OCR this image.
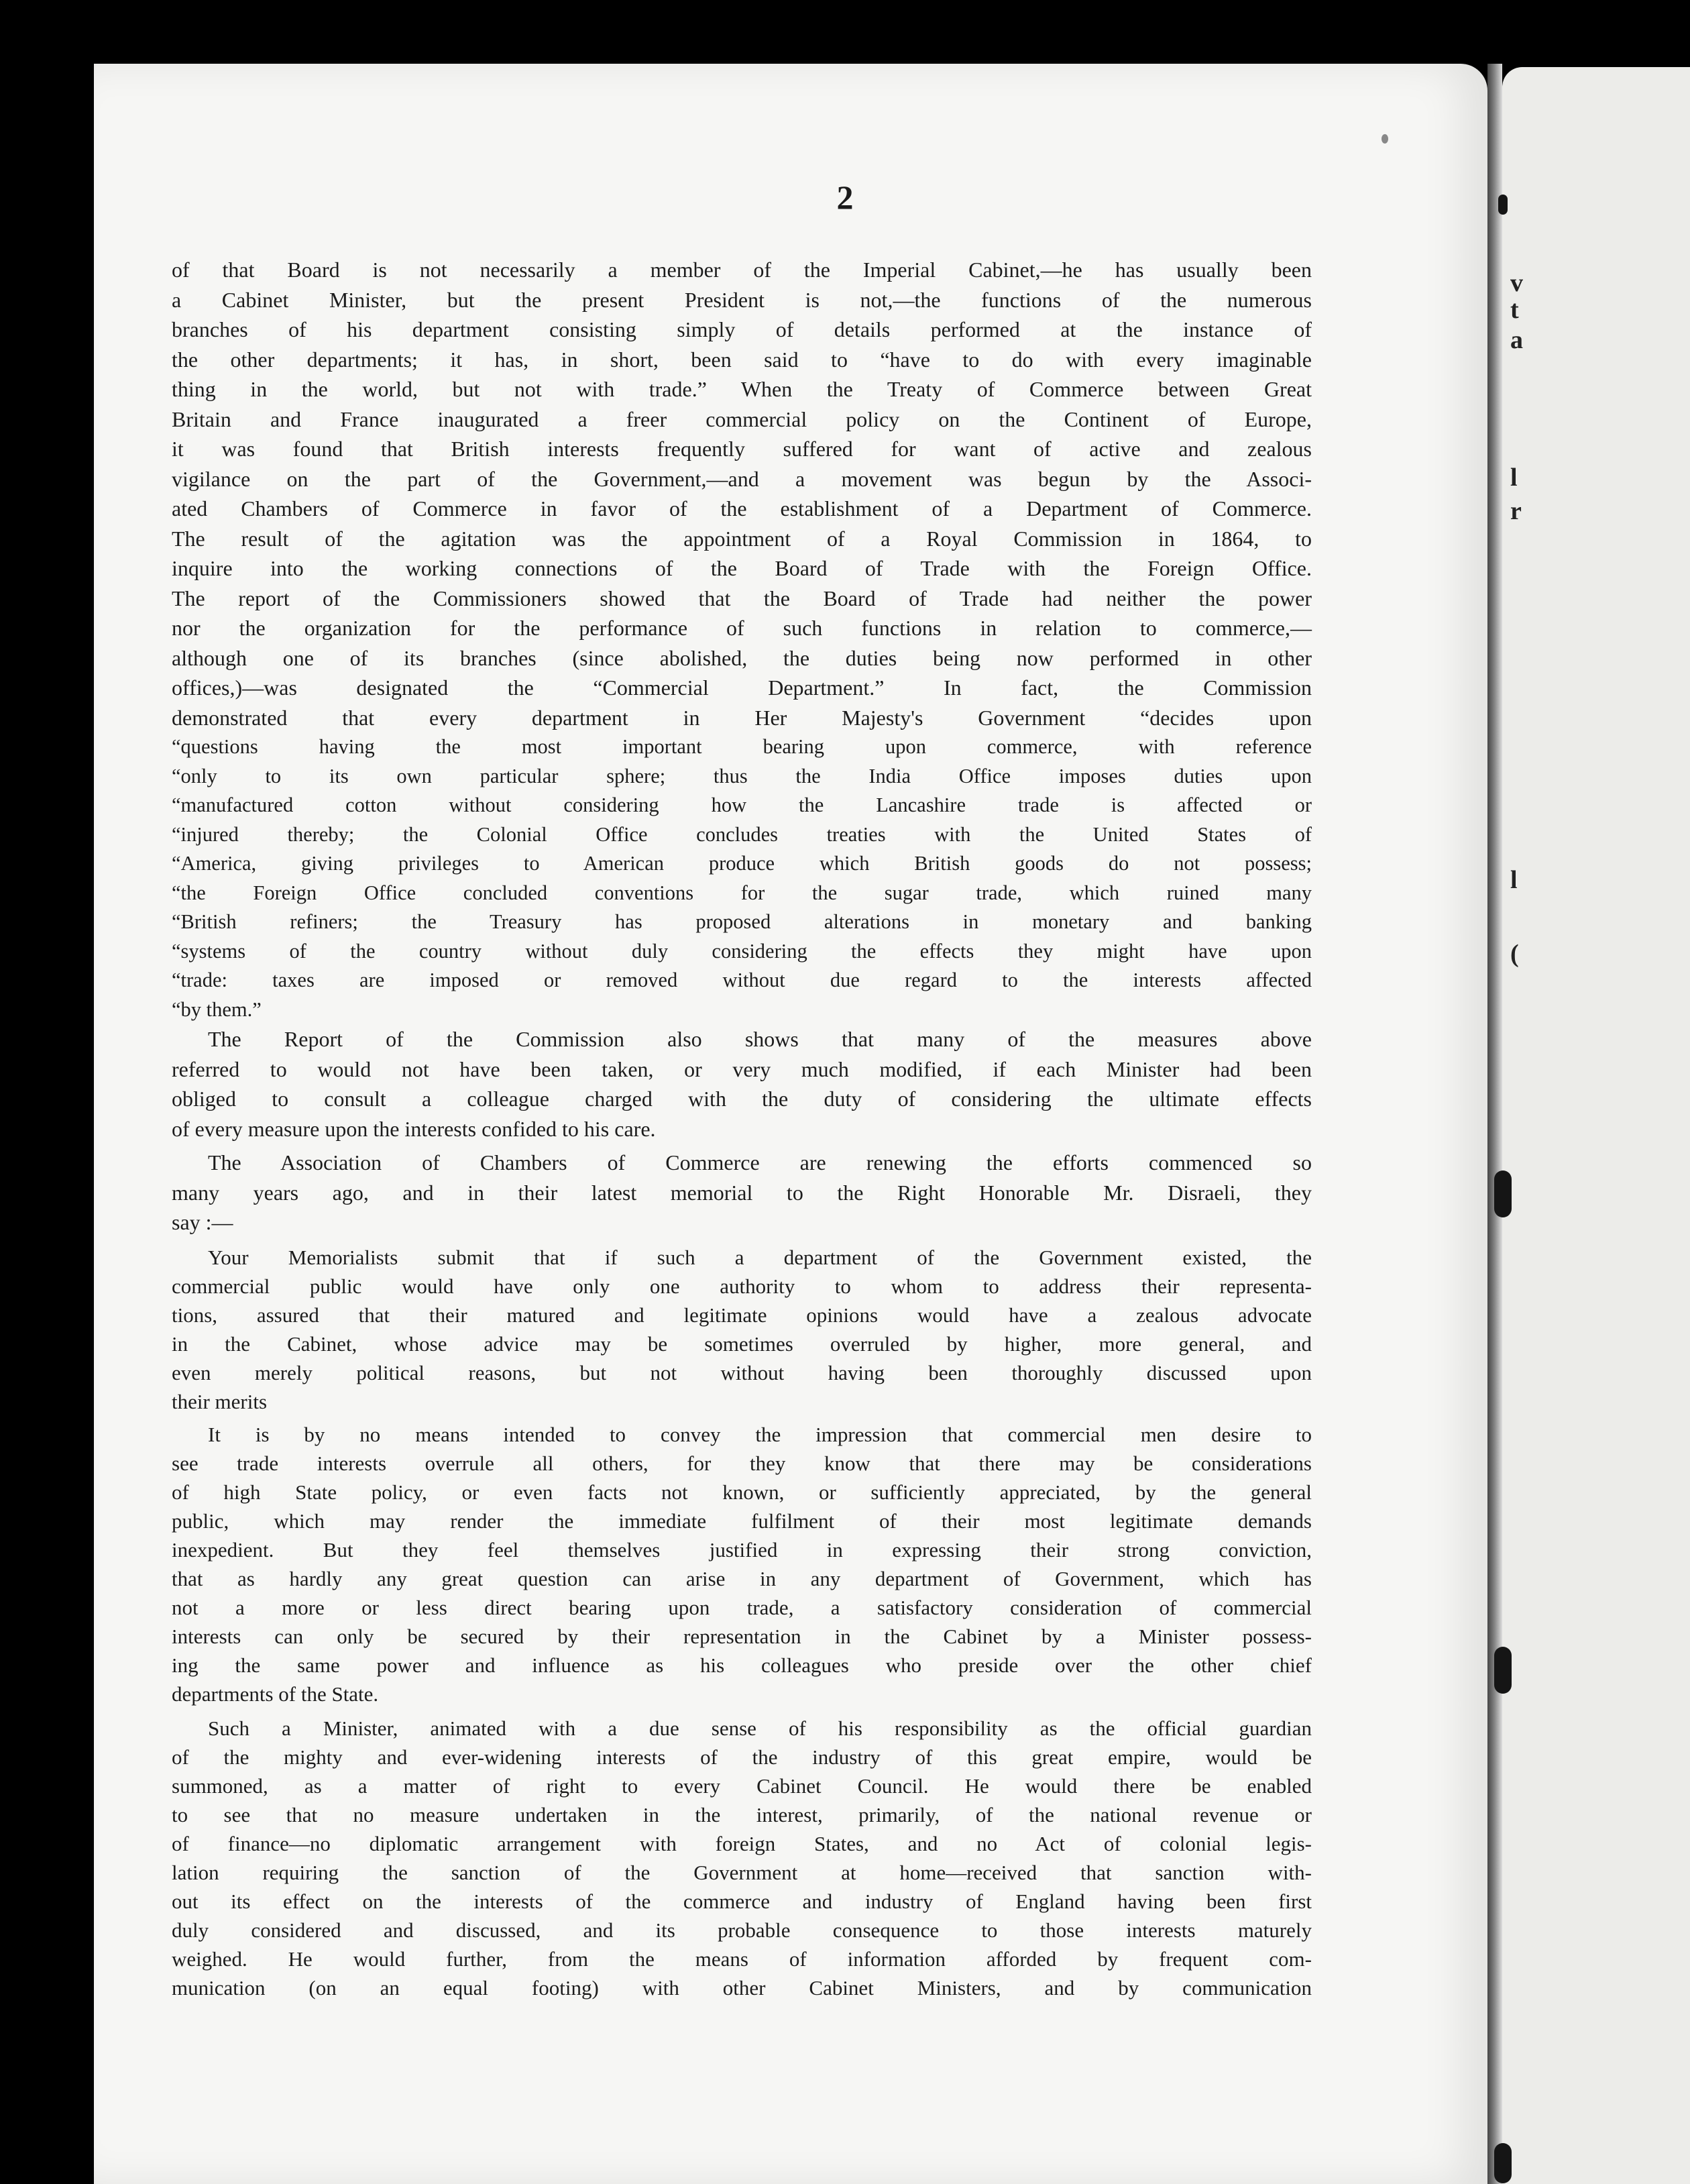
v
t
a
l
r
l
(
2

of that Board is not necessarily a member of the Imperial Cabinet,—he has usually been

a Cabinet Minister, but the present President is not,—the functions of the numerous

branches of his department consisting simply of details performed at the instance of

the other departments; it has, in short, been said to “have to do with every imaginable

thing in the world, but not with trade.” When the Treaty of Commerce between Great

Britain and France inaugurated a freer commercial policy on the Continent of Europe,

it was found that British interests frequently suffered for want of active and zealous

vigilance on the part of the Government,—and a movement was begun by the Associ-

ated Chambers of Commerce in favor of the establishment of a Department of Commerce.

The result of the agitation was the appointment of a Royal Commission in 1864, to

inquire into the working connections of the Board of Trade with the Foreign Office.

The report of the Commissioners showed that the Board of Trade had neither the power

nor the organization for the performance of such functions in relation to commerce,—

although one of its branches (since abolished, the duties being now performed in other

offices,)—was designated the “Commercial Department.” In fact, the Commission

demonstrated that every department in Her Majesty's Government “decides upon

“questions having the most important bearing upon commerce, with reference

“only to its own particular sphere; thus the India Office imposes duties upon

“manufactured cotton without considering how the Lancashire trade is affected or

“injured thereby; the Colonial Office concludes treaties with the United States of

“America, giving privileges to American produce which British goods do not possess;

“the Foreign Office concluded conventions for the sugar trade, which ruined many

“British refiners; the Treasury has proposed alterations in monetary and banking

“systems of the country without duly considering the effects they might have upon

“trade: taxes are imposed or removed without due regard to the interests affected

“by them.”

The Report of the Commission also shows that many of the measures above

referred to would not have been taken, or very much modified, if each Minister had been

obliged to consult a colleague charged with the duty of considering the ultimate effects

of every measure upon the interests confided to his care.

The Association of Chambers of Commerce are renewing the efforts commenced so

many years ago, and in their latest memorial to the Right Honorable Mr. Disraeli, they

say :—

Your Memorialists submit that if such a department of the Government existed, the

commercial public would have only one authority to whom to address their representa-

tions, assured that their matured and legitimate opinions would have a zealous advocate

in the Cabinet, whose advice may be sometimes overruled by higher, more general, and

even merely political reasons, but not without having been thoroughly discussed upon

their merits

It is by no means intended to convey the impression that commercial men desire to

see trade interests overrule all others, for they know that there may be considerations

of high State policy, or even facts not known, or sufficiently appreciated, by the general

public, which may render the immediate fulfilment of their most legitimate demands

inexpedient. But they feel themselves justified in expressing their strong conviction,

that as hardly any great question can arise in any department of Government, which has

not a more or less direct bearing upon trade, a satisfactory consideration of commercial

interests can only be secured by their representation in the Cabinet by a Minister possess-

ing the same power and influence as his colleagues who preside over the other chief

departments of the State.

Such a Minister, animated with a due sense of his responsibility as the official guardian

of the mighty and ever-widening interests of the industry of this great empire, would be

summoned, as a matter of right to every Cabinet Council. He would there be enabled

to see that no measure undertaken in the interest, primarily, of the national revenue or

of finance—no diplomatic arrangement with foreign States, and no Act of colonial legis-

lation requiring the sanction of the Government at home—received that sanction with-

out its effect on the interests of the commerce and industry of England having been first

duly considered and discussed, and its probable consequence to those interests maturely

weighed. He would further, from the means of information afforded by frequent com-

munication (on an equal footing) with other Cabinet Ministers, and by communication
